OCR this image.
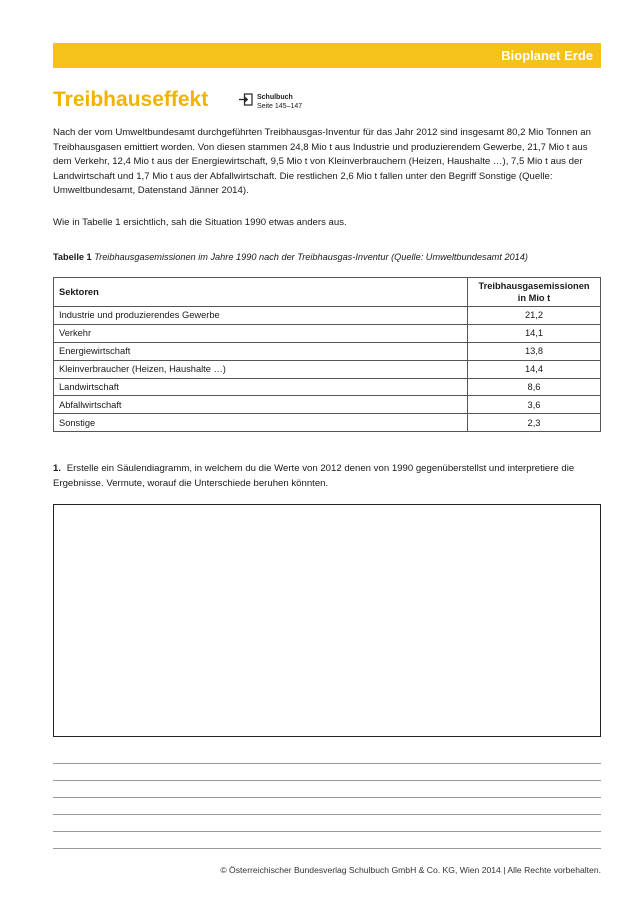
Bioplanet Erde
Treibhauseffekt	Schulbuch
Seite 145–147

Nach der vom Umweltbundesamt durchgeführten Treibhausgas-Inventur für das Jahr 2012 sind insgesamt 80,2 Mio Tonnen an Treibhausgasen emittiert worden. Von diesen stammen 24,8 Mio t aus Industrie und produzierendem Gewerbe, 21,7 Mio t aus dem Verkehr, 12,4 Mio t aus der Energiewirtschaft, 9,5 Mio t von Kleinverbrauchern (Heizen, Haushalte …), 7,5 Mio t aus der Landwirtschaft und 1,7 Mio t aus der Abfallwirtschaft. Die restlichen 2,6 Mio t fallen unter den Begriff Sonstige (Quelle: Umweltbundesamt, Datenstand Jänner 2014).

Wie in Tabelle 1 ersichtlich, sah die Situation 1990 etwas anders aus.

Tabelle 1 Treibhausgasemissionen im Jahre 1990 nach der Treibhausgas-Inventur (Quelle: Umweltbundesamt 2014)
Sektoren	Treibhausgasemissionen
in Mio t
Industrie und produzierendes Gewerbe	21,2
Verkehr	14,1
Energiewirtschaft	13,8
Kleinverbraucher (Heizen, Haushalte …)	14,4
Landwirtschaft	8,6
Abfallwirtschaft	3,6
Sonstige	2,3

1. Erstelle ein Säulendiagramm, in welchem du die Werte von 2012 denen von 1990 gegenüberstellst und interpretiere die Ergebnisse. Vermute, worauf die Unterschiede beruhen könnten.

© Österreichischer Bundesverlag Schulbuch GmbH & Co. KG, Wien 2014 | Alle Rechte vorbehalten.
